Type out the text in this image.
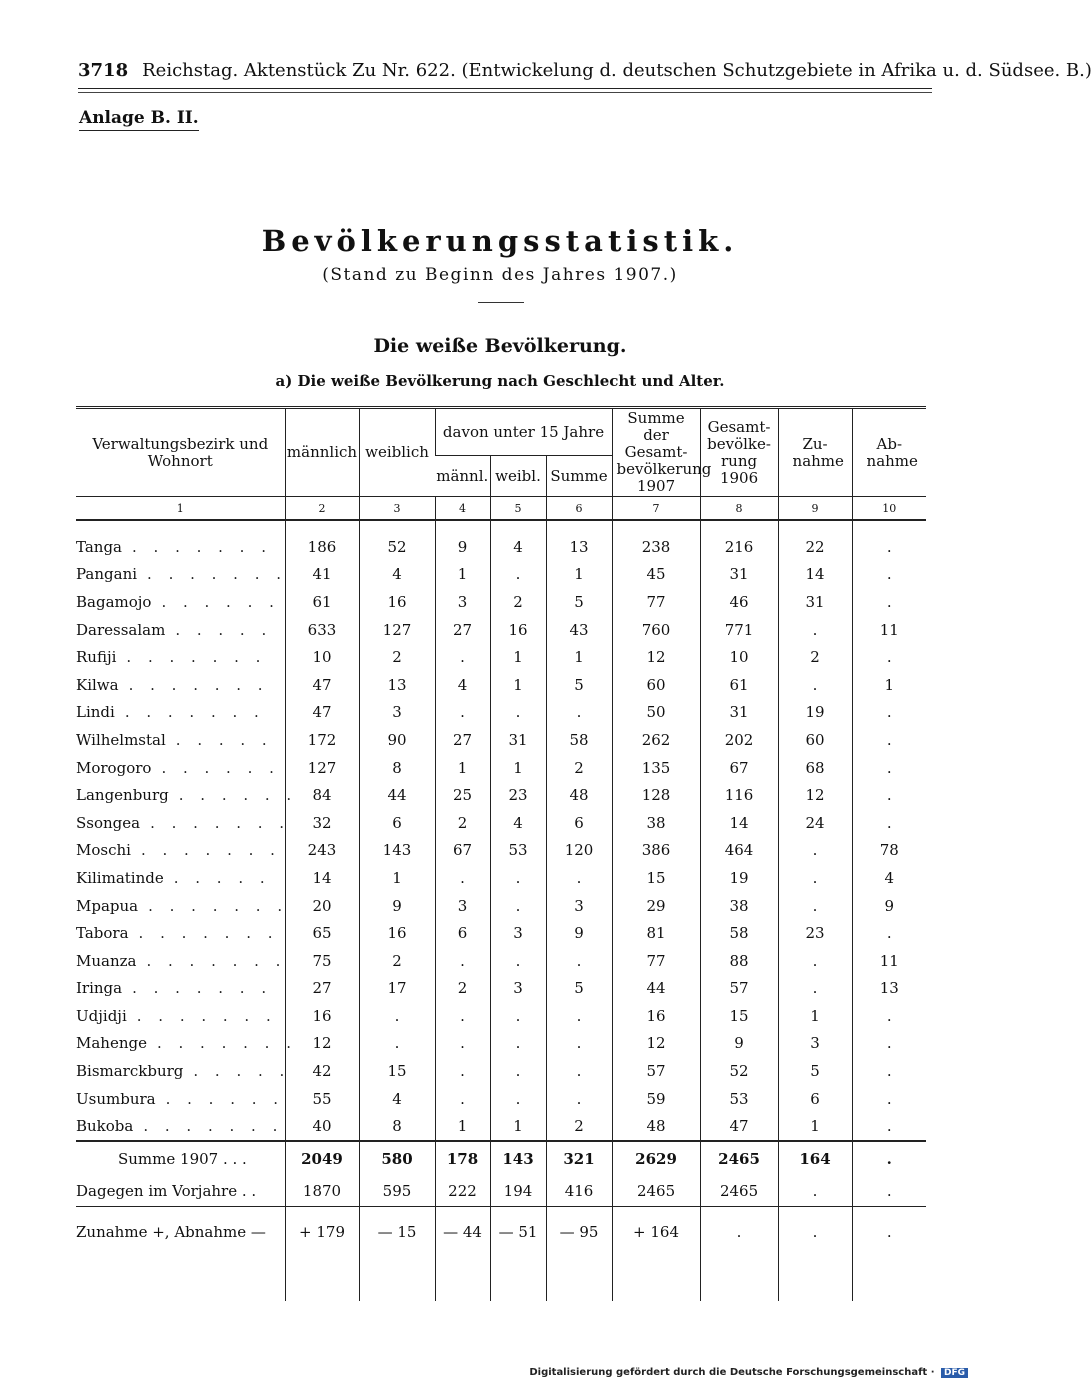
3718 Reichstag. Aktenstück Zu Nr. 622. (Entwickelung d. deutschen Schutzgebiete in Afrika u. d. Südsee. B.)
Anlage B. II.
Bevölkerungsstatistik.
(Stand zu Beginn des Jahres 1907.)
Die weiße Bevölkerung.
a) Die weiße Bevölkerung nach Geschlecht und Alter.
Verwaltungsbezirk und Wohnort	männlich	weiblich	davon unter 15 Jahre			Summe der Gesamt-bevölkerung 1907	Gesamt-bevölke-rung 1906	Zu-nahme	Ab-nahme
			männl.	weibl.	Summe				
1	2	3	4	5	6	7	8	9	10

Tanga . . . . . . .	186	52	9	4	13	238	216	22	.
Pangani . . . . . . .	41	4	1	.	1	45	31	14	.
Bagamojo . . . . . .	61	16	3	2	5	77	46	31	.
Daressalam . . . . .	633	127	27	16	43	760	771	.	11
Rufiji . . . . . . .	10	2	.	1	1	12	10	2	.
Kilwa . . . . . . .	47	13	4	1	5	60	61	.	1
Lindi . . . . . . .	47	3	.	.	.	50	31	19	.
Wilhelmstal . . . . .	172	90	27	31	58	262	202	60	.
Morogoro . . . . . .	127	8	1	1	2	135	67	68	.
Langenburg . . . . . .	84	44	25	23	48	128	116	12	.
Ssongea . . . . . . .	32	6	2	4	6	38	14	24	.
Moschi . . . . . . .	243	143	67	53	120	386	464	.	78
Kilimatinde . . . . .	14	1	.	.	.	15	19	.	4
Mpapua . . . . . . .	20	9	3	.	3	29	38	.	9
Tabora . . . . . . .	65	16	6	3	9	81	58	23	.
Muanza . . . . . . .	75	2	.	.	.	77	88	.	11
Iringa . . . . . . .	27	17	2	3	5	44	57	.	13
Udjidji . . . . . . .	16	.	.	.	.	16	15	1	.
Mahenge . . . . . . .	12	.	.	.	.	12	9	3	.
Bismarckburg . . . . .	42	15	.	.	.	57	52	5	.
Usumbura . . . . . .	55	4	.	.	.	59	53	6	.
Bukoba . . . . . . .	40	8	1	1	2	48	47	1	.
Summe 1907 . . .	2049	580	178	143	321	2629	2465	164	.
Dagegen im Vorjahre . .	1870	595	222	194	416	2465	2465	.	.
Zunahme +, Abnahme —	+ 179	— 15	— 44	— 51	— 95	+ 164	.	.	.

Digitalisierung gefördert durch die Deutsche Forschungsgemeinschaft · DFG
